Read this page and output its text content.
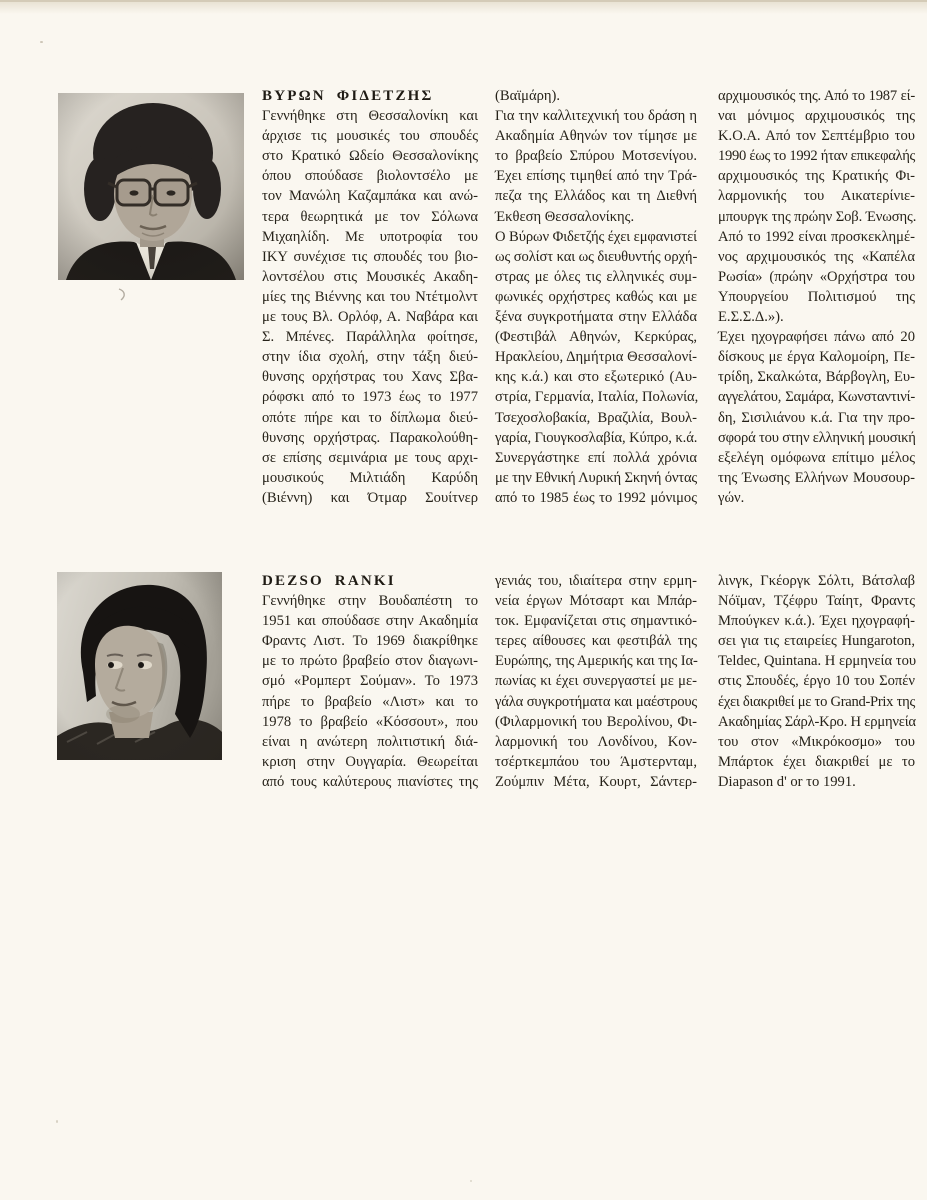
ΒΥΡΩΝ ΦΙΔΕΤΖΗΣ
Γεννήθηκε στη Θεσσαλονίκη και
άρχισε τις μουσικές του σπουδές
στο Κρατικό Ωδείο Θεσσαλονίκης
όπου σπούδασε βιολοντσέλο με
τον Μανώλη Καζαμπάκα και ανώ-
τερα θεωρητικά με τον Σόλωνα
Μιχαηλίδη. Με υποτροφία του
ΙΚΥ συνέχισε τις σπουδές του βιο-
λοντσέλου στις Μουσικές Ακαδη-
μίες της Βιέννης και του Ντέτμολντ
με τους Βλ. Ορλόφ, Α. Ναβάρα και
Σ. Μπένες. Παράλληλα φοίτησε,
στην ίδια σχολή, στην τάξη διεύ-
θυνσης ορχήστρας του Χανς Σβα-
ρόφσκι από το 1973 έως το 1977
οπότε πήρε και το δίπλωμα διεύ-
θυνσης ορχήστρας. Παρακολούθη-
σε επίσης σεμινάρια με τους αρχι-
μουσικούς Μιλτιάδη Καρύδη
(Βιέννη) και Ότμαρ Σουίτνερ
(Βαϊμάρη).
Για την καλλιτεχνική του δράση η
Ακαδημία Αθηνών τον τίμησε με
το βραβείο Σπύρου Μοτσενίγου.
Έχει επίσης τιμηθεί από την Τρά-
πεζα της Ελλάδος και τη Διεθνή
Έκθεση Θεσσαλονίκης.
Ο Βύρων Φιδετζής έχει εμφανιστεί
ως σολίστ και ως διευθυντής ορχή-
στρας με όλες τις ελληνικές συμ-
φωνικές ορχήστρες καθώς και με
ξένα συγκροτήματα στην Ελλάδα
(Φεστιβάλ Αθηνών, Κερκύρας,
Ηρακλείου, Δημήτρια Θεσσαλονί-
κης κ.ά.) και στο εξωτερικό (Αυ-
στρία, Γερμανία, Ιταλία, Πολωνία,
Τσεχοσλοβακία, Βραζιλία, Βουλ-
γαρία, Γιουγκοσλαβία, Κύπρο, κ.ά.
Συνεργάστηκε επί πολλά χρόνια
με την Εθνική Λυρική Σκηνή όντας
από το 1985 έως το 1992 μόνιμος
αρχιμουσικός της. Από το 1987 εί-
ναι μόνιμος αρχιμουσικός της
Κ.Ο.Α. Από τον Σεπτέμβριο του
1990 έως το 1992 ήταν επικεφαλής
αρχιμουσικός της Κρατικής Φι-
λαρμονικής του Αικατερίνιε-
μπουργκ της πρώην Σοβ. Ένωσης.
Από το 1992 είναι προσκεκλημέ-
νος αρχιμουσικός της «Καπέλα
Ρωσία» (πρώην «Ορχήστρα του
Υπουργείου Πολιτισμού της
Ε.Σ.Σ.Δ.»).
Έχει ηχογραφήσει πάνω από 20
δίσκους με έργα Καλομοίρη, Πε-
τρίδη, Σκαλκώτα, Βάρβογλη, Ευ-
αγγελάτου, Σαμάρα, Κωνσταντινί-
δη, Σισιλιάνου κ.ά. Για την προ-
σφορά του στην ελληνική μουσική
εξελέγη ομόφωνα επίτιμο μέλος
της Ένωσης Ελλήνων Μουσουρ-
γών.
DEZSO RANKI
Γεννήθηκε στην Βουδαπέστη το
1951 και σπούδασε στην Ακαδημία
Φραντς Λιστ. Το 1969 διακρίθηκε
με το πρώτο βραβείο στον διαγωνι-
σμό «Ρομπερτ Σούμαν». Το 1973
πήρε το βραβείο «Λιστ» και το
1978 το βραβείο «Κόσσουτ», που
είναι η ανώτερη πολιτιστική διά-
κριση στην Ουγγαρία. Θεωρείται
από τους καλύτερους πιανίστες της
γενιάς του, ιδιαίτερα στην ερμη-
νεία έργων Μότσαρτ και Μπάρ-
τοκ. Εμφανίζεται στις σημαντικό-
τερες αίθουσες και φεστιβάλ της
Ευρώπης, της Αμερικής και της Ια-
πωνίας κι έχει συνεργαστεί με με-
γάλα συγκροτήματα και μαέστρους
(Φιλαρμονική του Βερολίνου, Φι-
λαρμονική του Λονδίνου, Κον-
τσέρτκεμπάου του Άμστερνταμ,
Ζούμπιν Μέτα, Κουρτ, Σάντερ-
λινγκ, Γκέοργκ Σόλτι, Βάτσλαβ
Νόϊμαν, Τζέφρυ Ταίητ, Φραντς
Μπούγκεν κ.ά.). Έχει ηχογραφή-
σει για τις εταιρείες Hungaroton,
Teldec, Quintana. Η ερμηνεία του
στις Σπουδές, έργο 10 του Σοπέν
έχει διακριθεί με το Grand-Prix της
Ακαδημίας Σάρλ-Κρο. Η ερμηνεία
του στον «Μικρόκοσμο» του
Μπάρτοκ έχει διακριθεί με το
Diapason d' or το 1991.
